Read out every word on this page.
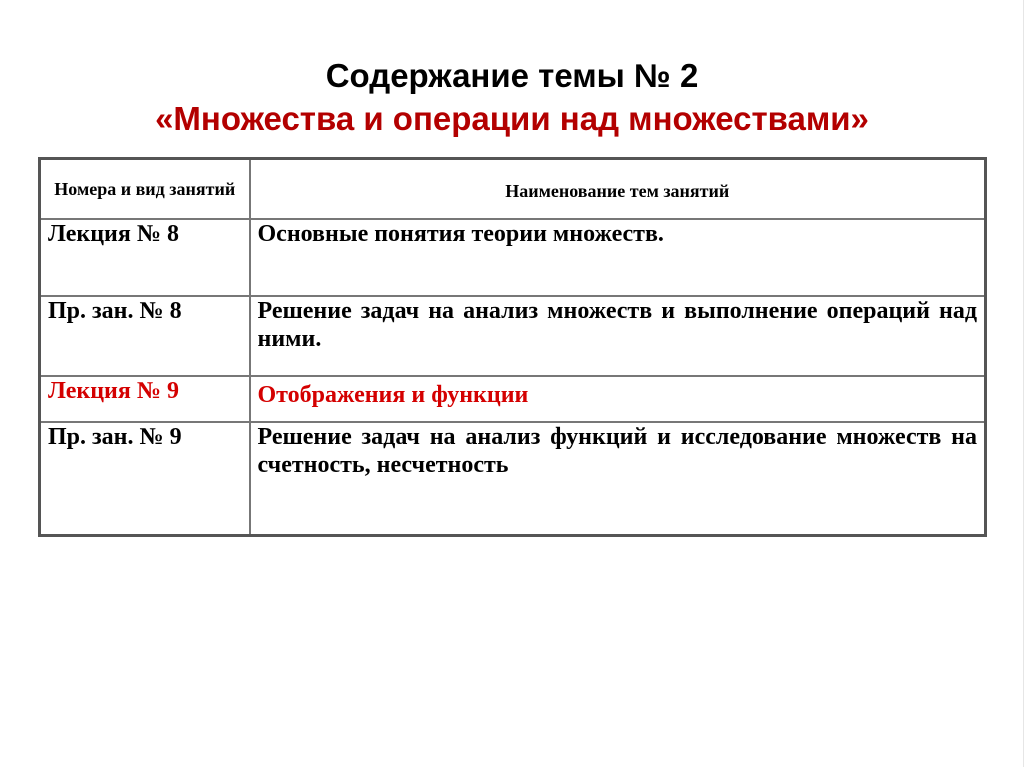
Содержание темы № 2
«Множества и операции над множествами»
Номера и вид занятий	Наименование тем занятий
Лекция № 8	Основные понятия теории множеств.
Пр. зан. № 8	Решение задач на анализ множеств и выполнение операций над ними.
Лекция № 9	Отображения и функции
Пр. зан. № 9	Решение задач на анализ функций и исследование множеств на счетность, несчетность
